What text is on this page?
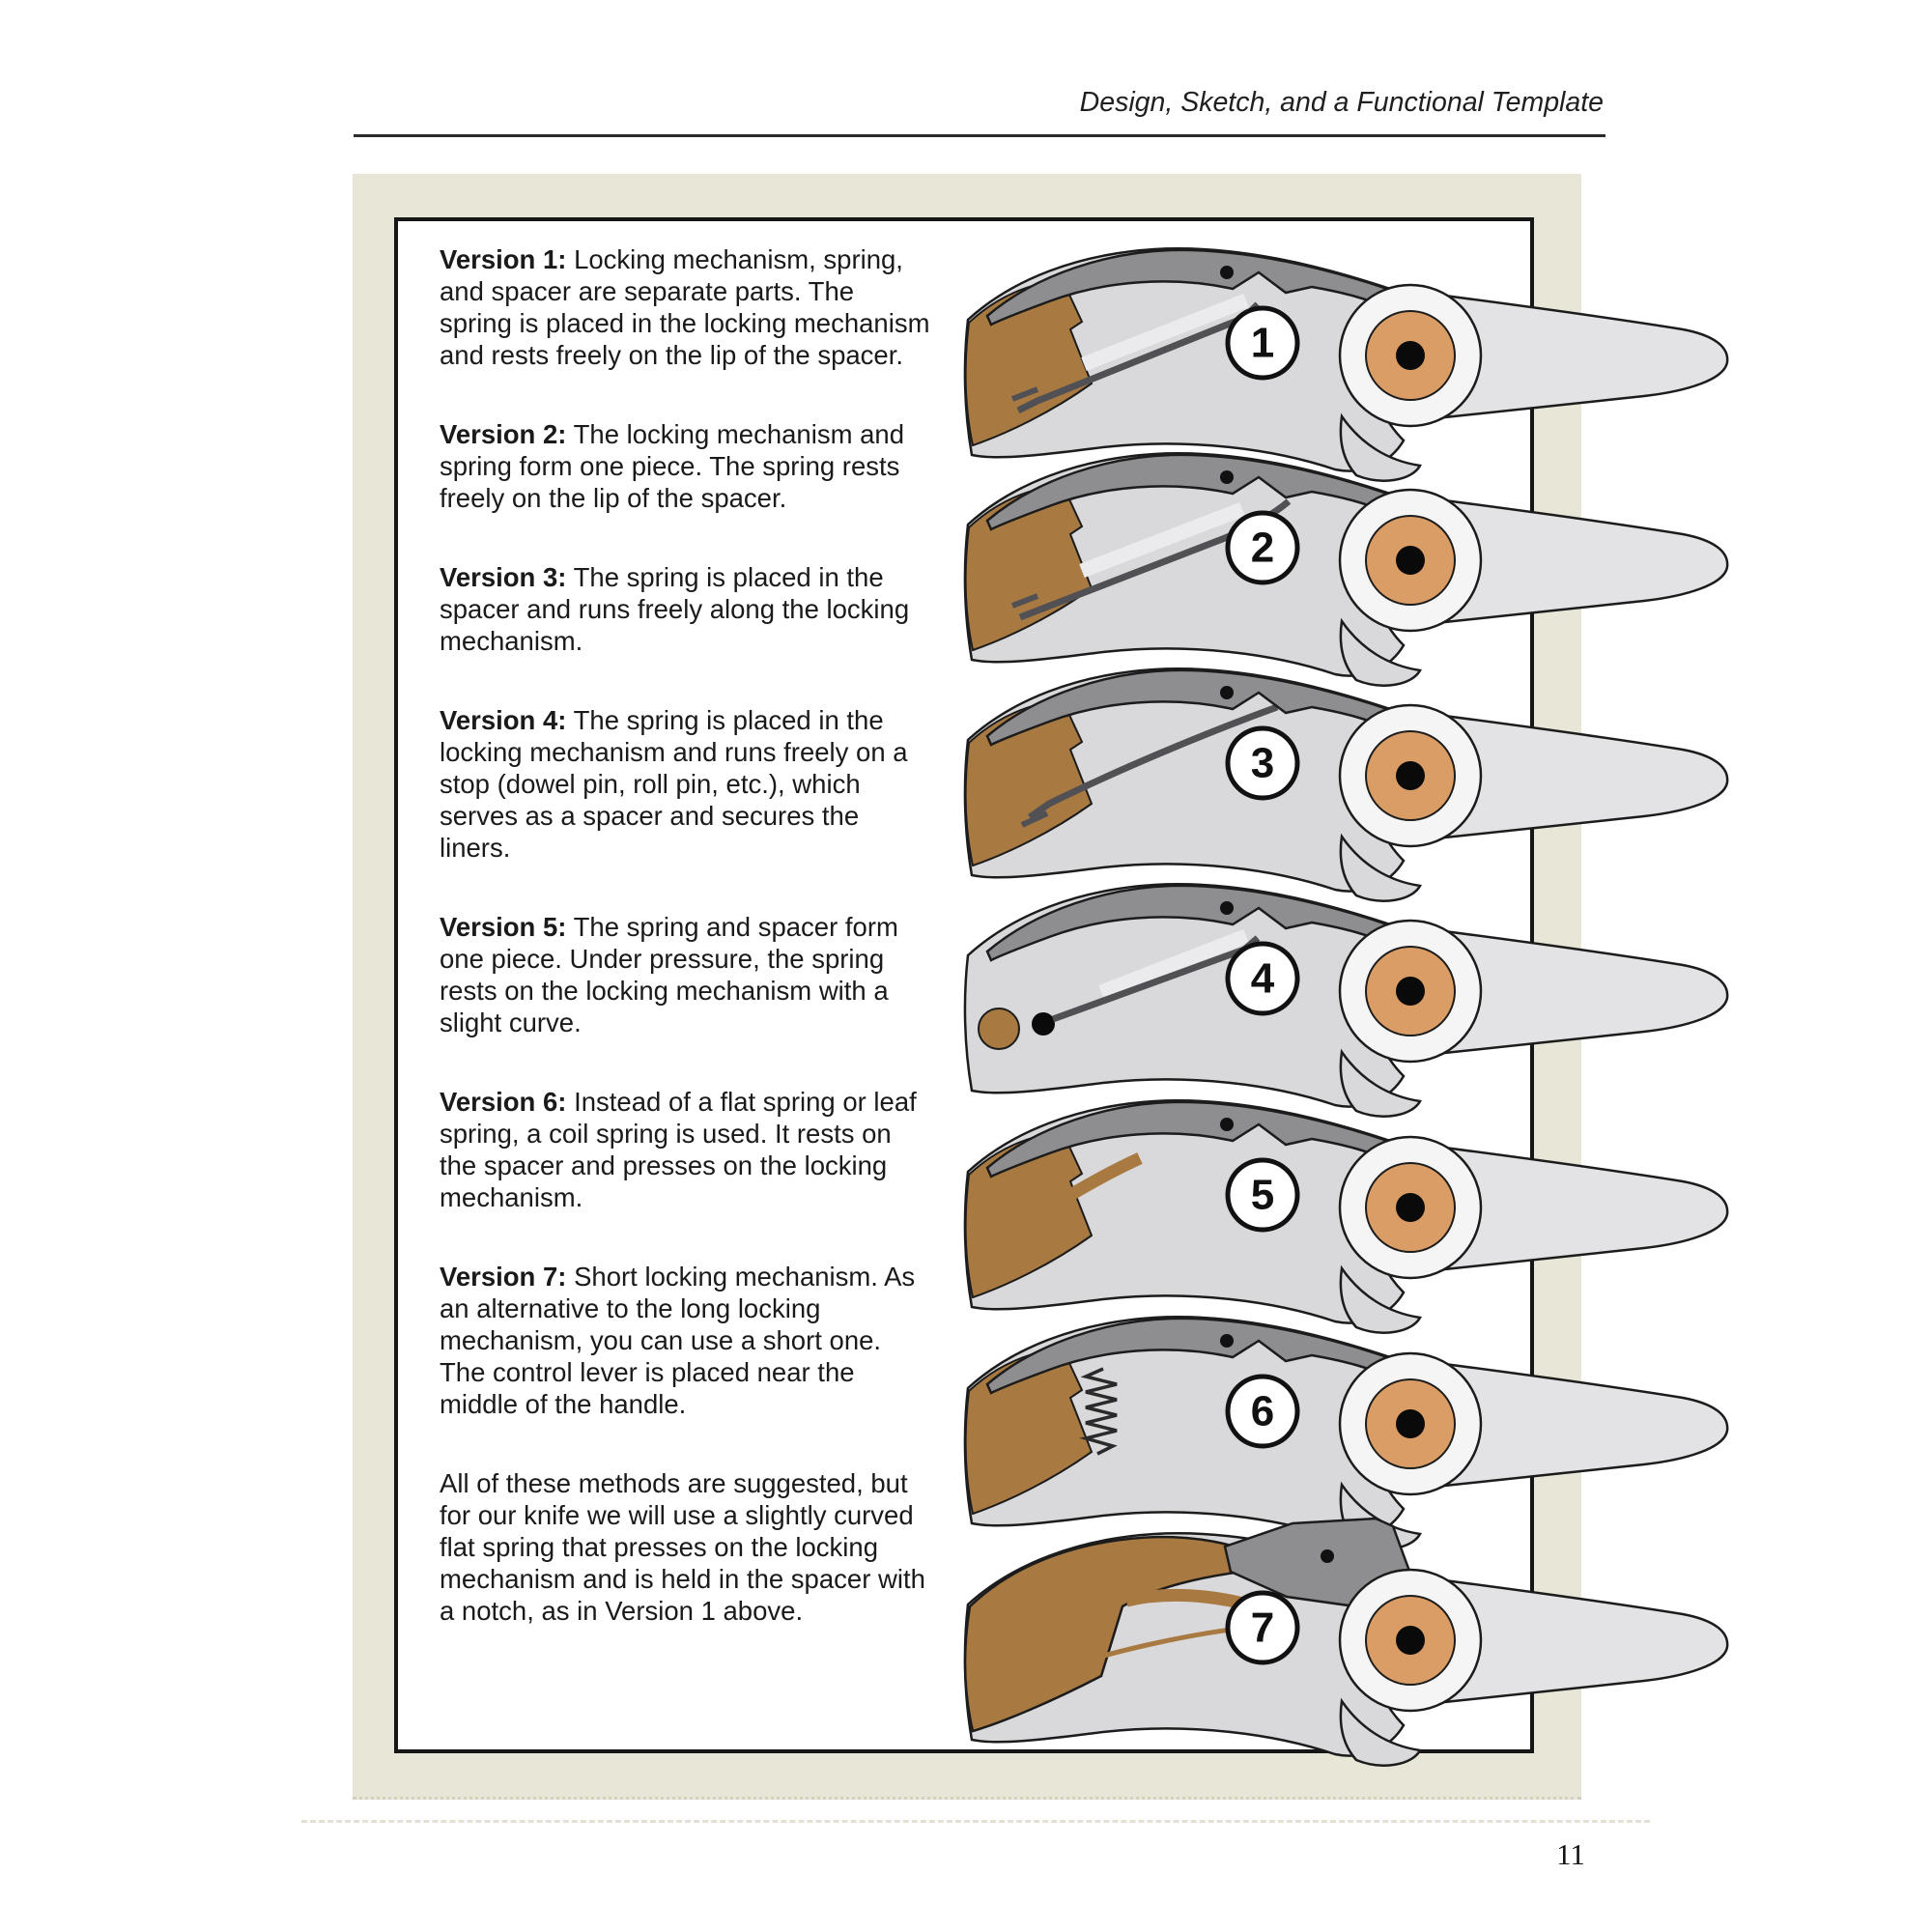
Design, Sketch, and a Functional Template

Version 1: Locking mechanism, spring, and spacer are separate parts. The spring is placed in the locking mechanism and rests freely on the lip of the spacer.

Version 2: The locking mechanism and spring form one piece. The spring rests freely on the lip of the spacer.

Version 3: The spring is placed in the spacer and runs freely along the locking mechanism.

Version 4: The spring is placed in the locking mechanism and runs freely on a stop (dowel pin, roll pin, etc.), which serves as a spacer and secures the liners.

Version 5: The spring and spacer form one piece. Under pressure, the spring rests on the locking mechanism with a slight curve.

Version 6: Instead of a flat spring or leaf spring, a coil spring is used. It rests on the spacer and presses on the locking mechanism.

Version 7: Short locking mechanism. As an alternative to the long locking mechanism, you can use a short one. The control lever is placed near the middle of the handle.

All of these methods are suggested, but for our knife we will use a slightly curved flat spring that presses on the locking mechanism and is held in the spacer with a notch, as in Version 1 above.

1
2
3
4
5
6
7
11
